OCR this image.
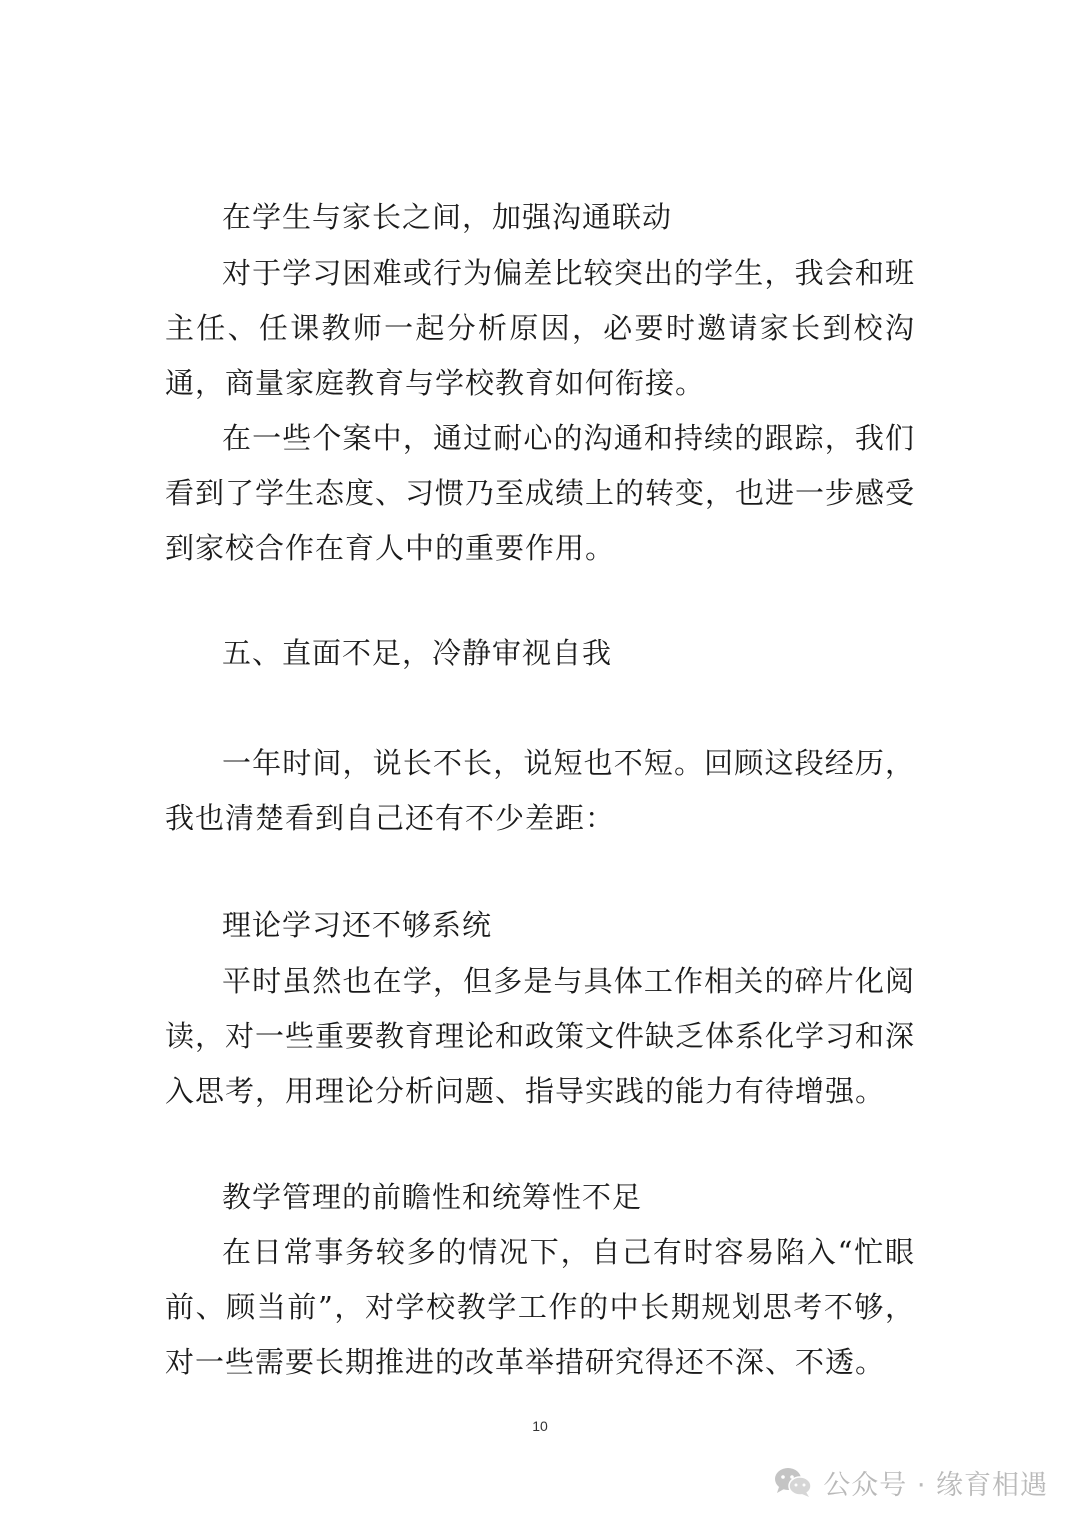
在学生与家长之间，加强沟通联动
对于学习困难或行为偏差比较突出的学生，我会和班主任、任课教师一起分析原因，必要时邀请家长到校沟通，商量家庭教育与学校教育如何衔接。
在一些个案中，通过耐心的沟通和持续的跟踪，我们看到了学生态度、习惯乃至成绩上的转变，也进一步感受到家校合作在育人中的重要作用。
五、直面不足，冷静审视自我
一年时间，说长不长，说短也不短。回顾这段经历，我也清楚看到自己还有不少差距：
理论学习还不够系统
平时虽然也在学，但多是与具体工作相关的碎片化阅读，对一些重要教育理论和政策文件缺乏体系化学习和深入思考，用理论分析问题、指导实践的能力有待增强。
教学管理的前瞻性和统筹性不足
在日常事务较多的情况下，自己有时容易陷入“忙眼前、顾当前”，对学校教学工作的中长期规划思考不够，对一些需要长期推进的改革举措研究得还不深、不透。
10
公众号 · 缘育相遇
